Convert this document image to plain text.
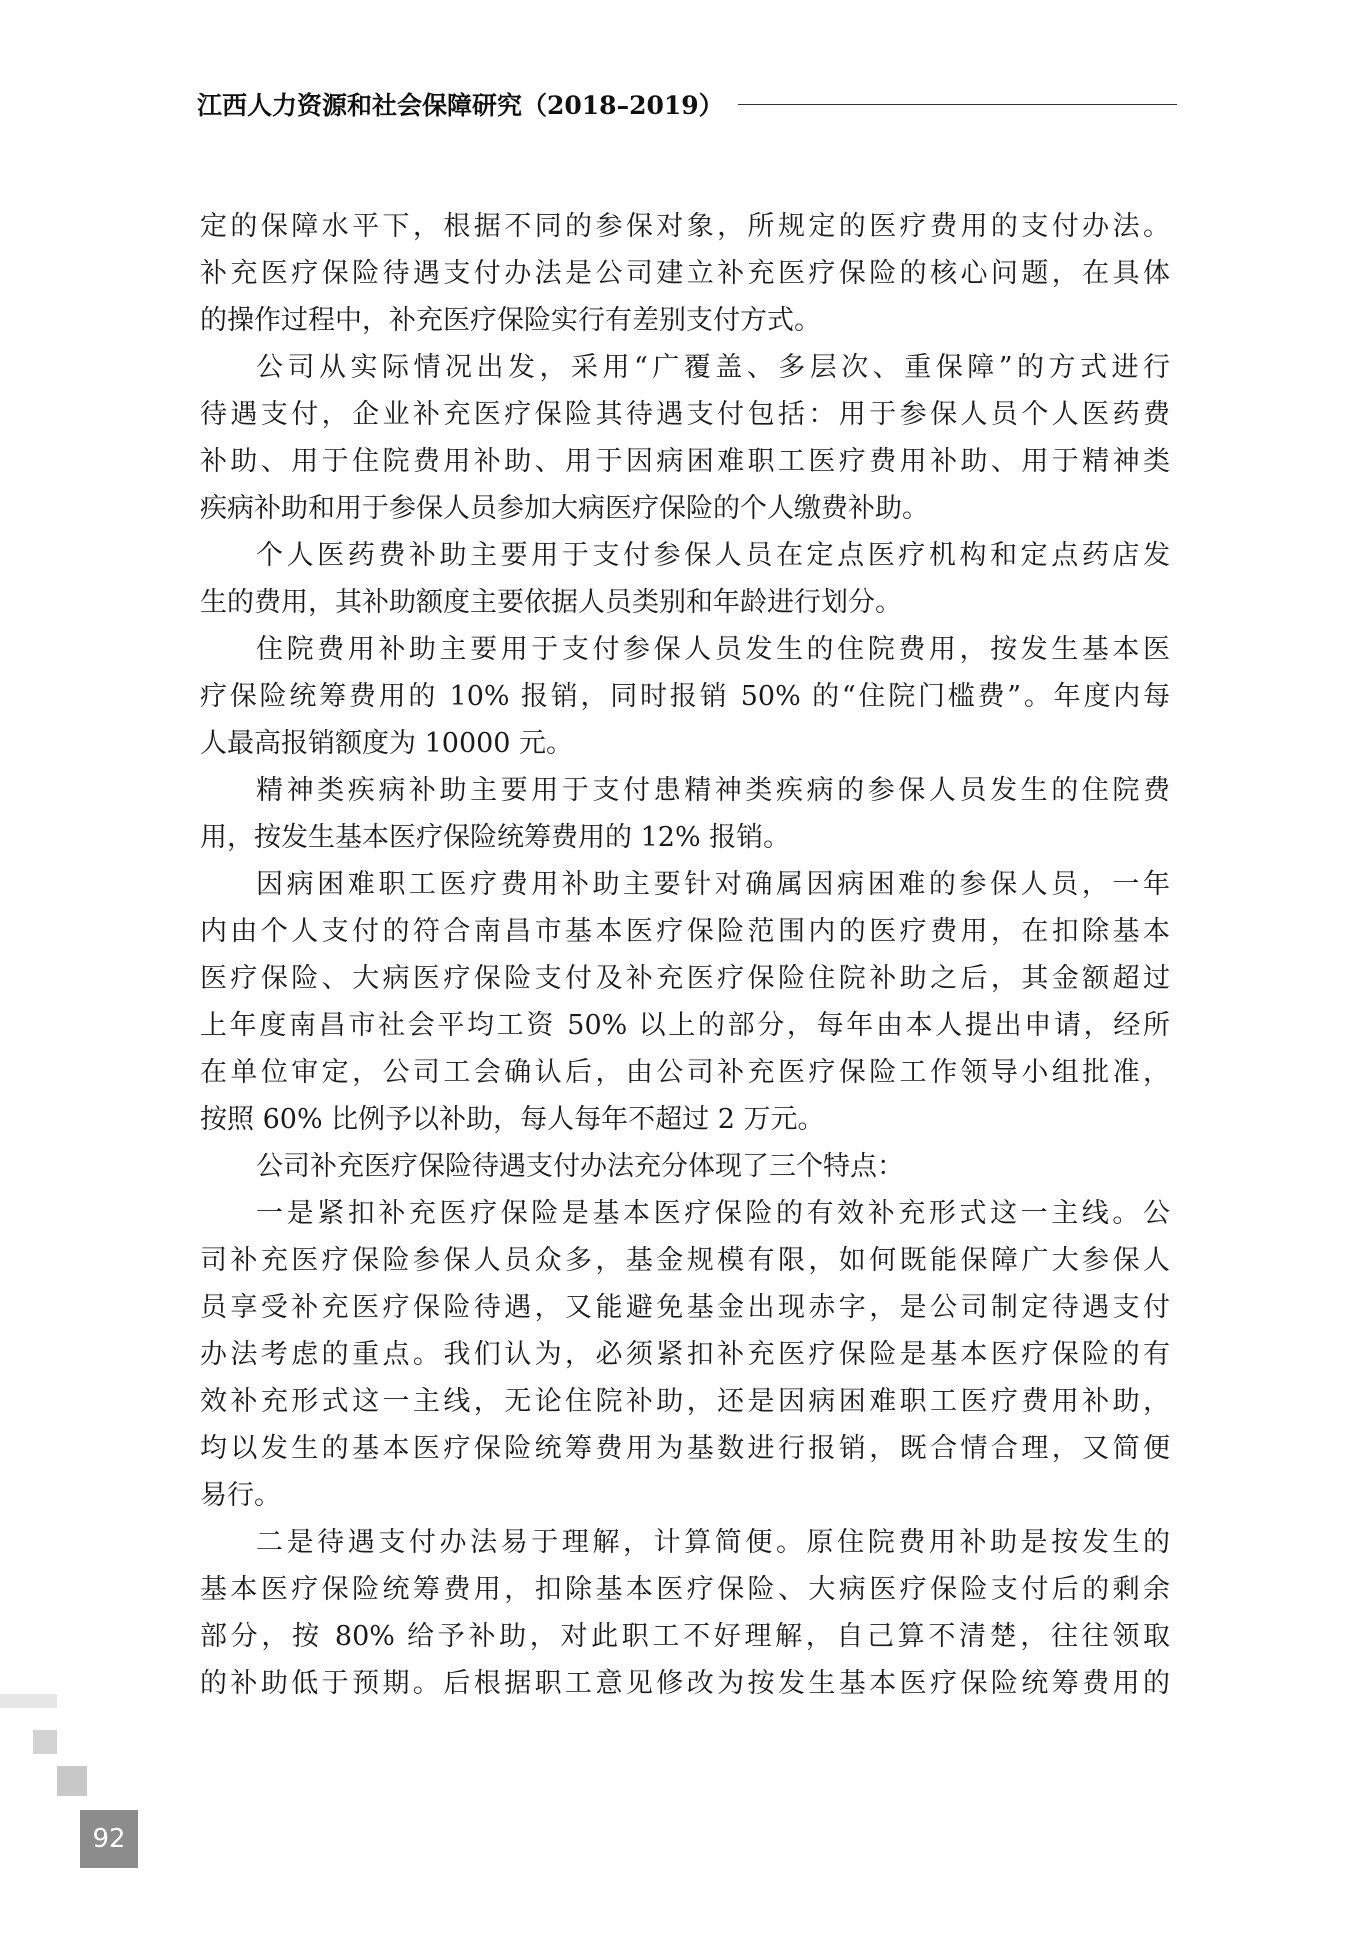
江西人力资源和社会保障研究（2018–2019）
定的保障水平下，根据不同的参保对象，所规定的医疗费用的支付办法。
补充医疗保险待遇支付办法是公司建立补充医疗保险的核心问题，在具体
的操作过程中，补充医疗保险实行有差别支付方式。
公司从实际情况出发，采用“广覆盖、多层次、重保障”的方式进行
待遇支付，企业补充医疗保险其待遇支付包括：用于参保人员个人医药费
补助、用于住院费用补助、用于因病困难职工医疗费用补助、用于精神类
疾病补助和用于参保人员参加大病医疗保险的个人缴费补助。
个人医药费补助主要用于支付参保人员在定点医疗机构和定点药店发
生的费用，其补助额度主要依据人员类别和年龄进行划分。
住院费用补助主要用于支付参保人员发生的住院费用，按发生基本医
疗保险统筹费用的 10% 报销，同时报销 50% 的“住院门槛费”。年度内每
人最高报销额度为 10000 元。
精神类疾病补助主要用于支付患精神类疾病的参保人员发生的住院费
用，按发生基本医疗保险统筹费用的 12% 报销。
因病困难职工医疗费用补助主要针对确属因病困难的参保人员，一年
内由个人支付的符合南昌市基本医疗保险范围内的医疗费用，在扣除基本
医疗保险、大病医疗保险支付及补充医疗保险住院补助之后，其金额超过
上年度南昌市社会平均工资 50% 以上的部分，每年由本人提出申请，经所
在单位审定，公司工会确认后，由公司补充医疗保险工作领导小组批准，
按照 60% 比例予以补助，每人每年不超过 2 万元。
公司补充医疗保险待遇支付办法充分体现了三个特点：
一是紧扣补充医疗保险是基本医疗保险的有效补充形式这一主线。公
司补充医疗保险参保人员众多，基金规模有限，如何既能保障广大参保人
员享受补充医疗保险待遇，又能避免基金出现赤字，是公司制定待遇支付
办法考虑的重点。我们认为，必须紧扣补充医疗保险是基本医疗保险的有
效补充形式这一主线，无论住院补助，还是因病困难职工医疗费用补助，
均以发生的基本医疗保险统筹费用为基数进行报销，既合情合理，又简便
易行。
二是待遇支付办法易于理解，计算简便。原住院费用补助是按发生的
基本医疗保险统筹费用，扣除基本医疗保险、大病医疗保险支付后的剩余
部分，按 80% 给予补助，对此职工不好理解，自己算不清楚，往往领取
的补助低于预期。后根据职工意见修改为按发生基本医疗保险统筹费用的
92
